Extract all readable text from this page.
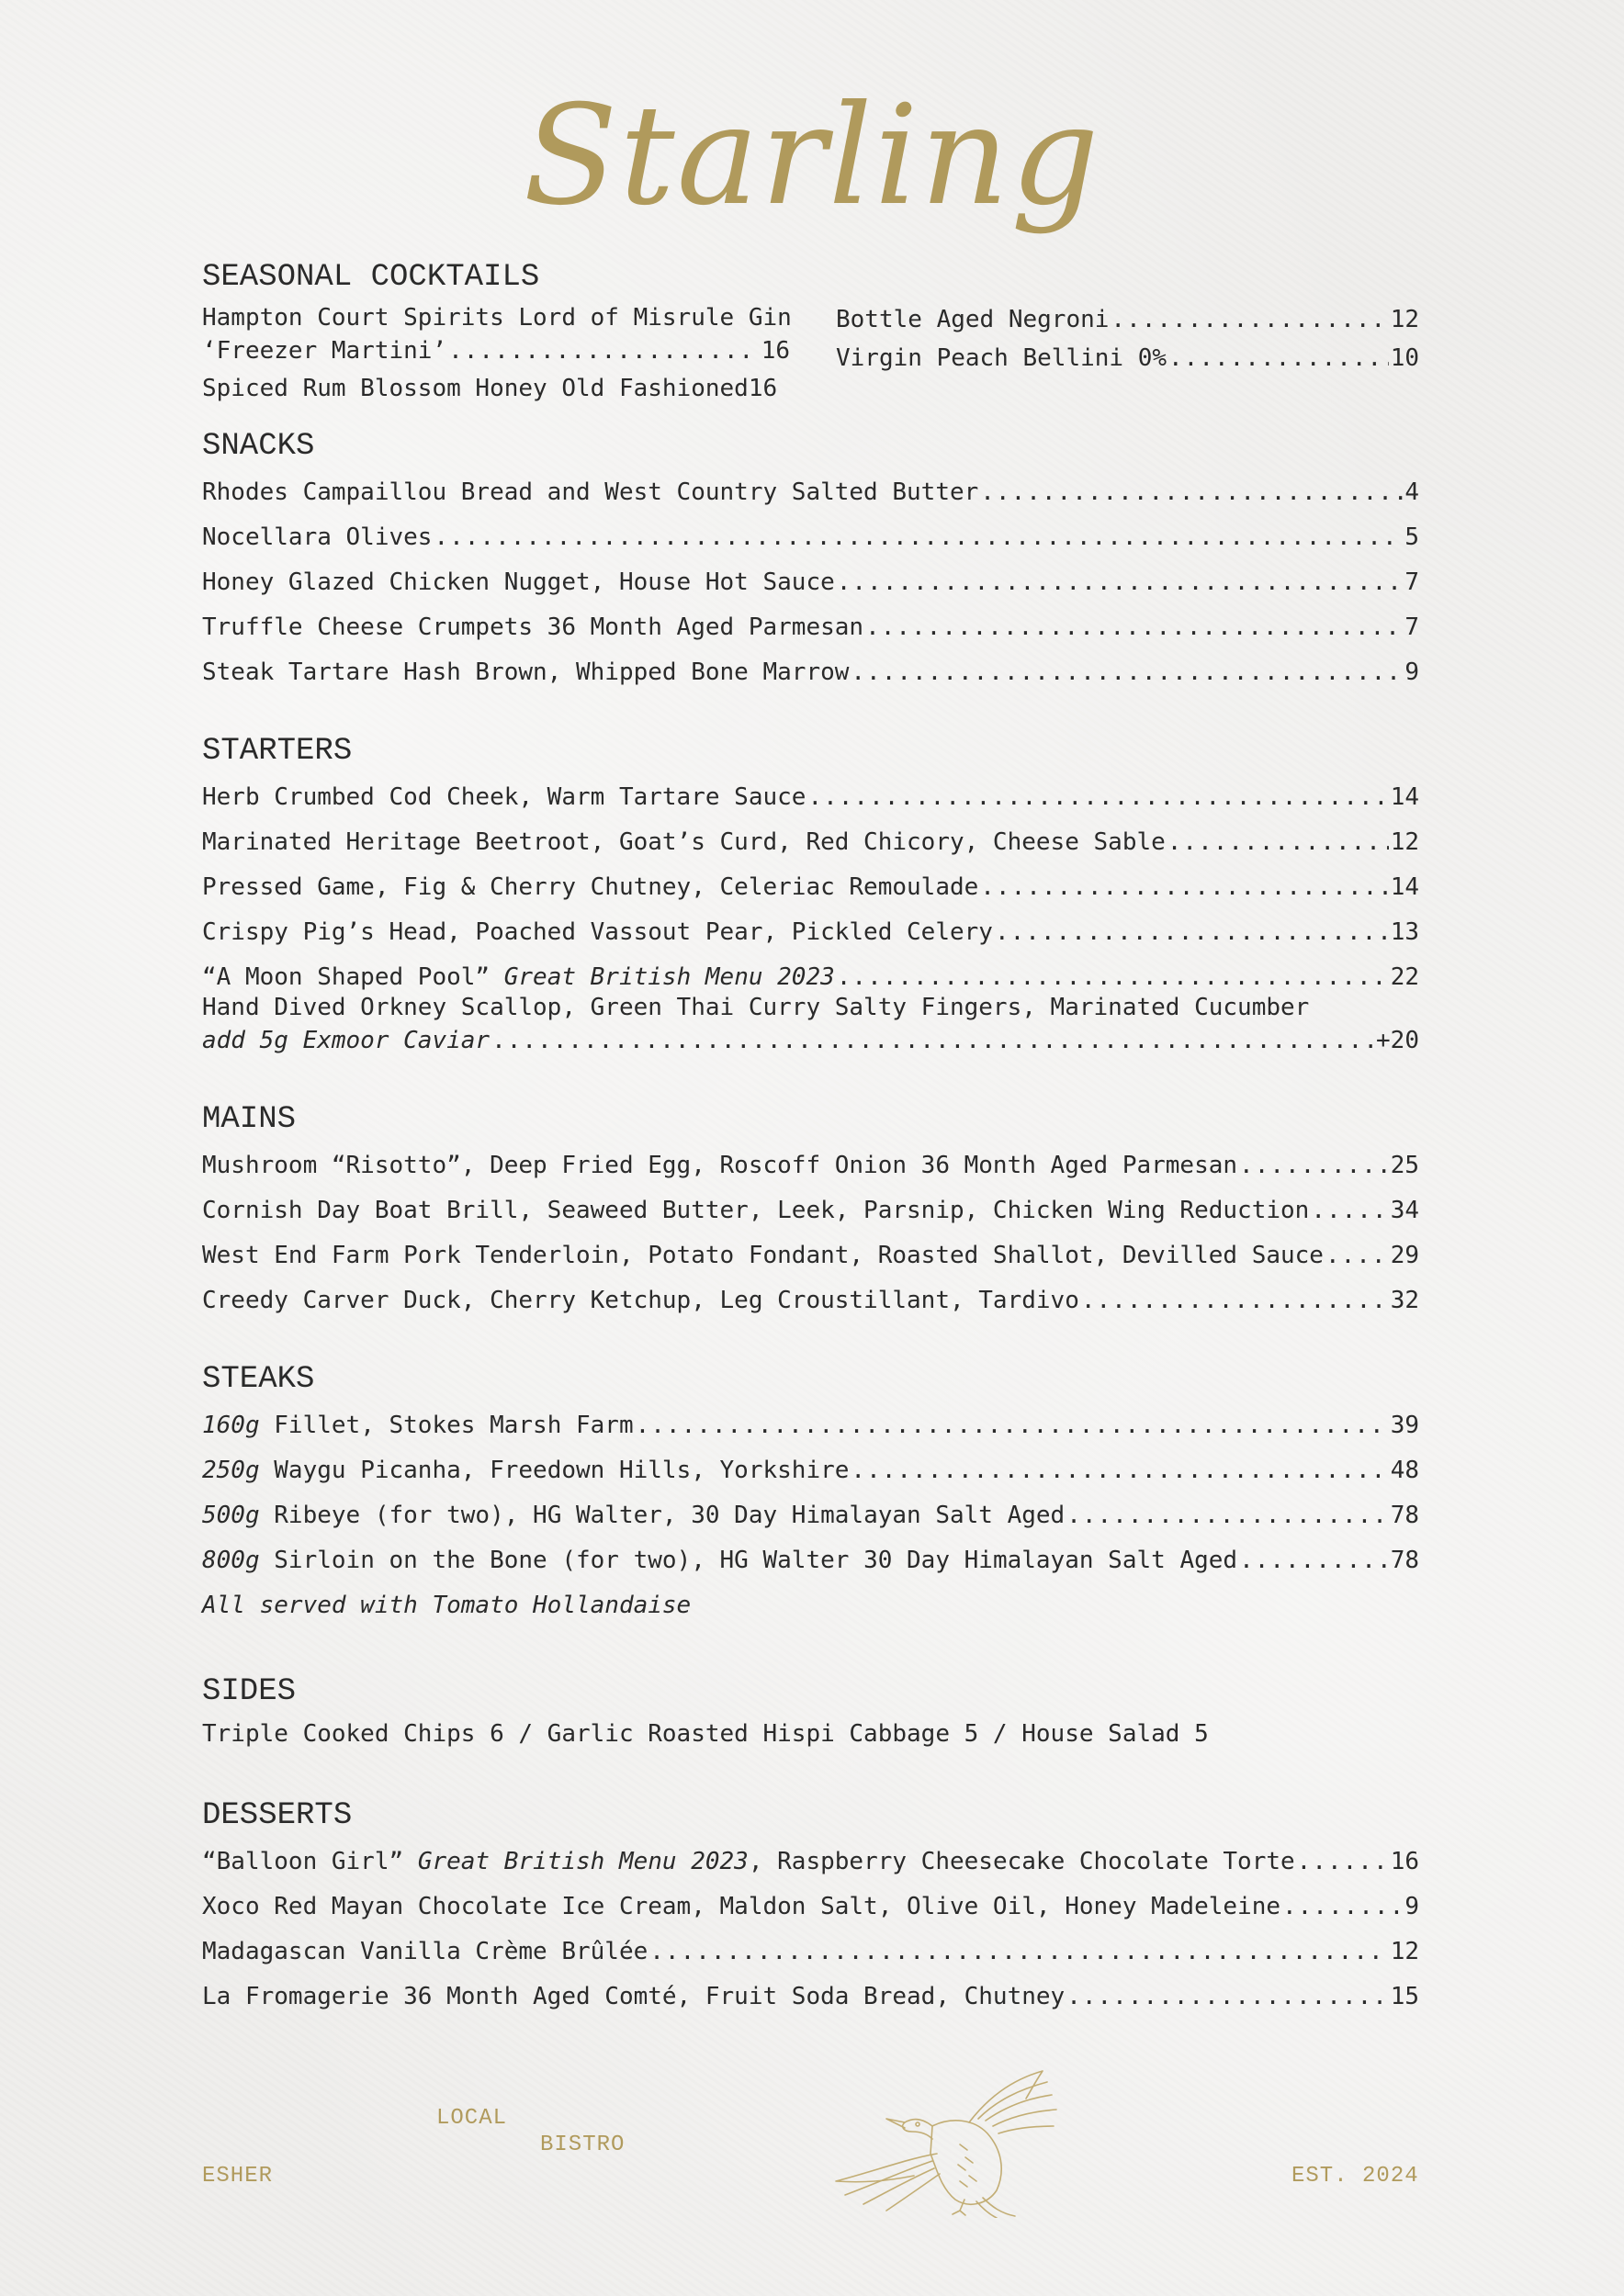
Starling
SEASONAL COCKTAILS
Hampton Court Spirits Lord of Misrule Gin
‘Freezer Martini’ .....	16
Spiced Rum Blossom Honey Old Fashioned 16
Bottle Aged Negroni .....	12
Virgin Peach Bellini 0% .....	10
SNACKS
Rhodes Campaillou Bread and West Country Salted Butter .....	4
Nocellara Olives .....	5
Honey Glazed Chicken Nugget, House Hot Sauce .....	7
Truffle Cheese Crumpets 36 Month Aged Parmesan .....	7
Steak Tartare Hash Brown, Whipped Bone Marrow .....	9
STARTERS
Herb Crumbed Cod Cheek, Warm Tartare Sauce .....	14
Marinated Heritage Beetroot, Goat’s Curd, Red Chicory, Cheese Sable .....	12
Pressed Game, Fig & Cherry Chutney, Celeriac Remoulade .....	14
Crispy Pig’s Head, Poached Vassout Pear, Pickled Celery .....	13
“A Moon Shaped Pool” Great British Menu 2023 .....	22
Hand Dived Orkney Scallop, Green Thai Curry Salty Fingers, Marinated Cucumber
add 5g Exmoor Caviar .....	+20
MAINS
Mushroom “Risotto”, Deep Fried Egg, Roscoff Onion 36 Month Aged Parmesan .....	25
Cornish Day Boat Brill, Seaweed Butter, Leek, Parsnip, Chicken Wing Reduction .....	34
West End Farm Pork Tenderloin, Potato Fondant, Roasted Shallot, Devilled Sauce .....	29
Creedy Carver Duck, Cherry Ketchup, Leg Croustillant, Tardivo .....	32
STEAKS
160g Fillet, Stokes Marsh Farm .....	39
250g Waygu Picanha, Freedown Hills, Yorkshire .....	48
500g Ribeye (for two), HG Walter, 30 Day Himalayan Salt Aged .....	78
800g Sirloin on the Bone (for two), HG Walter 30 Day Himalayan Salt Aged .....	78
All served with Tomato Hollandaise
SIDES
Triple Cooked Chips 6 / Garlic Roasted Hispi Cabbage 5 / House Salad 5
DESSERTS
“Balloon Girl” Great British Menu 2023, Raspberry Cheesecake Chocolate Torte .....	16
Xoco Red Mayan Chocolate Ice Cream, Maldon Salt, Olive Oil, Honey Madeleine .....	9
Madagascan Vanilla Crème Brûlée .....	12
La Fromagerie 36 Month Aged Comté, Fruit Soda Bread, Chutney .....	15
ESHER
LOCAL
BISTRO
EST. 2024
